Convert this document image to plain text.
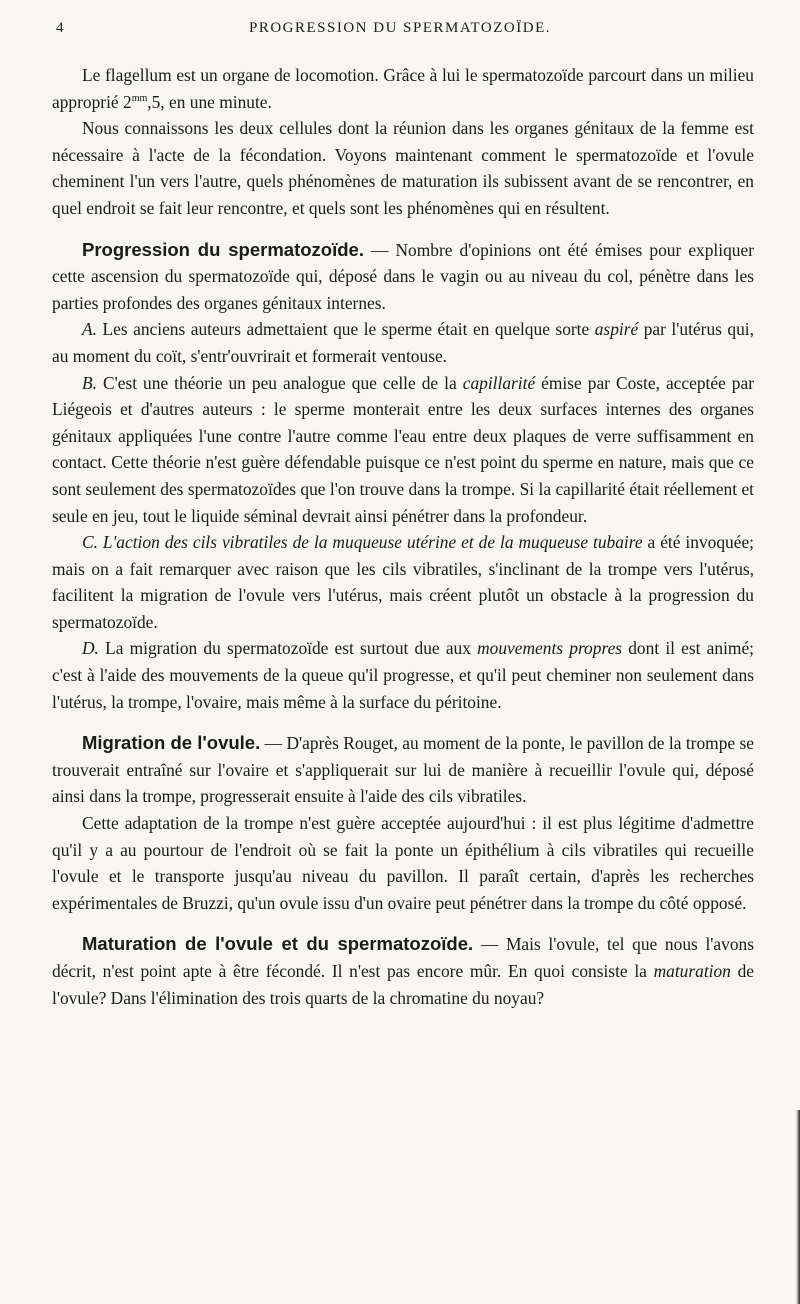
4	PROGRESSION DU SPERMATOZOÏDE.

Le flagellum est un organe de locomotion. Grâce à lui le spermatozoïde parcourt dans un milieu approprié $2^{mm},5$, en une minute.

Nous connaissons les deux cellules dont la réunion dans les organes génitaux de la femme est nécessaire à l'acte de la fécondation. Voyons maintenant comment le spermatozoïde et l'ovule cheminent l'un vers l'autre, quels phénomènes de maturation ils subissent avant de se rencontrer, en quel endroit se fait leur rencontre, et quels sont les phénomènes qui en résultent.

Progression du spermatozoïde. — Nombre d'opinions ont été émises pour expliquer cette ascension du spermatozoïde qui, déposé dans le vagin ou au niveau du col, pénètre dans les parties profondes des organes génitaux internes.

A. Les anciens auteurs admettaient que le sperme était en quelque sorte aspiré par l'utérus qui, au moment du coït, s'entr'ouvrirait et formerait ventouse.

B. C'est une théorie un peu analogue que celle de la capillarité émise par Coste, acceptée par Liégeois et d'autres auteurs : le sperme monterait entre les deux surfaces internes des organes génitaux appliquées l'une contre l'autre comme l'eau entre deux plaques de verre suffisamment en contact. Cette théorie n'est guère défendable puisque ce n'est point du sperme en nature, mais que ce sont seulement des spermatozoïdes que l'on trouve dans la trompe. Si la capillarité était réellement et seule en jeu, tout le liquide séminal devrait ainsi pénétrer dans la profondeur.

C. L'action des cils vibratiles de la muqueuse utérine et de la muqueuse tubaire a été invoquée; mais on a fait remarquer avec raison que les cils vibratiles, s'inclinant de la trompe vers l'utérus, facilitent la migration de l'ovule vers l'utérus, mais créent plutôt un obstacle à la progression du spermatozoïde.

D. La migration du spermatozoïde est surtout due aux mouvements propres dont il est animé; c'est à l'aide des mouvements de la queue qu'il progresse, et qu'il peut cheminer non seulement dans l'utérus, la trompe, l'ovaire, mais même à la surface du péritoine.

Migration de l'ovule. — D'après Rouget, au moment de la ponte, le pavillon de la trompe se trouverait entraîné sur l'ovaire et s'appliquerait sur lui de manière à recueillir l'ovule qui, déposé ainsi dans la trompe, progresserait ensuite à l'aide des cils vibratiles.

Cette adaptation de la trompe n'est guère acceptée aujourd'hui : il est plus légitime d'admettre qu'il y a au pourtour de l'endroit où se fait la ponte un épithélium à cils vibratiles qui recueille l'ovule et le transporte jusqu'au niveau du pavillon. Il paraît certain, d'après les recherches expérimentales de Bruzzi, qu'un ovule issu d'un ovaire peut pénétrer dans la trompe du côté opposé.

Maturation de l'ovule et du spermatozoïde. — Mais l'ovule, tel que nous l'avons décrit, n'est point apte à être fécondé. Il n'est pas encore mûr. En quoi consiste la maturation de l'ovule? Dans l'élimination des trois quarts de la chromatine du noyau?
